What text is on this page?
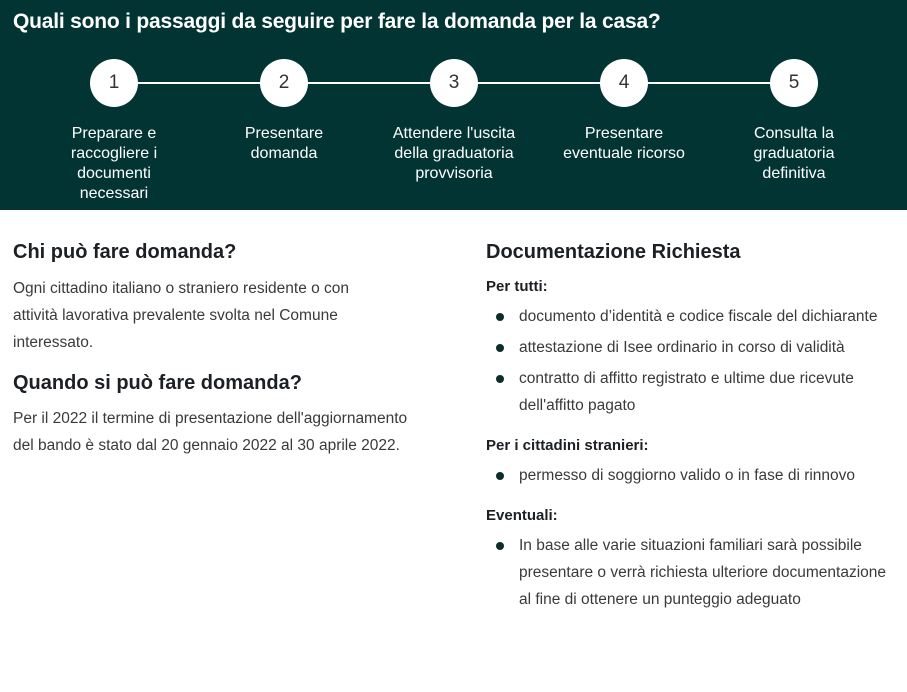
Quali sono i passaggi da seguire per fare la domanda per la casa?
1
Preparare e raccogliere i documenti necessari
2
Presentare domanda
3
Attendere l'uscita della graduatoria provvisoria
4
Presentare eventuale ricorso
5
Consulta la graduatoria definitiva
Chi può fare domanda?

Ogni cittadino italiano o straniero residente o con attività lavorativa prevalente svolta nel Comune interessato.

Quando si può fare domanda?

Per il 2022 il termine di presentazione dell'aggiornamento del bando è stato dal 20 gennaio 2022 al 30 aprile 2022.

Documentazione Richiesta

Per tutti:

documento d’identità e codice fiscale del dichiarante
attestazione di Isee ordinario in corso di validità
contratto di affitto registrato e ultime due ricevute dell'affitto pagato

Per i cittadini stranieri:

permesso di soggiorno valido o in fase di rinnovo

Eventuali:

In base alle varie situazioni familiari sarà possibile presentare o verrà richiesta ulteriore documentazione al fine di ottenere un punteggio adeguato
